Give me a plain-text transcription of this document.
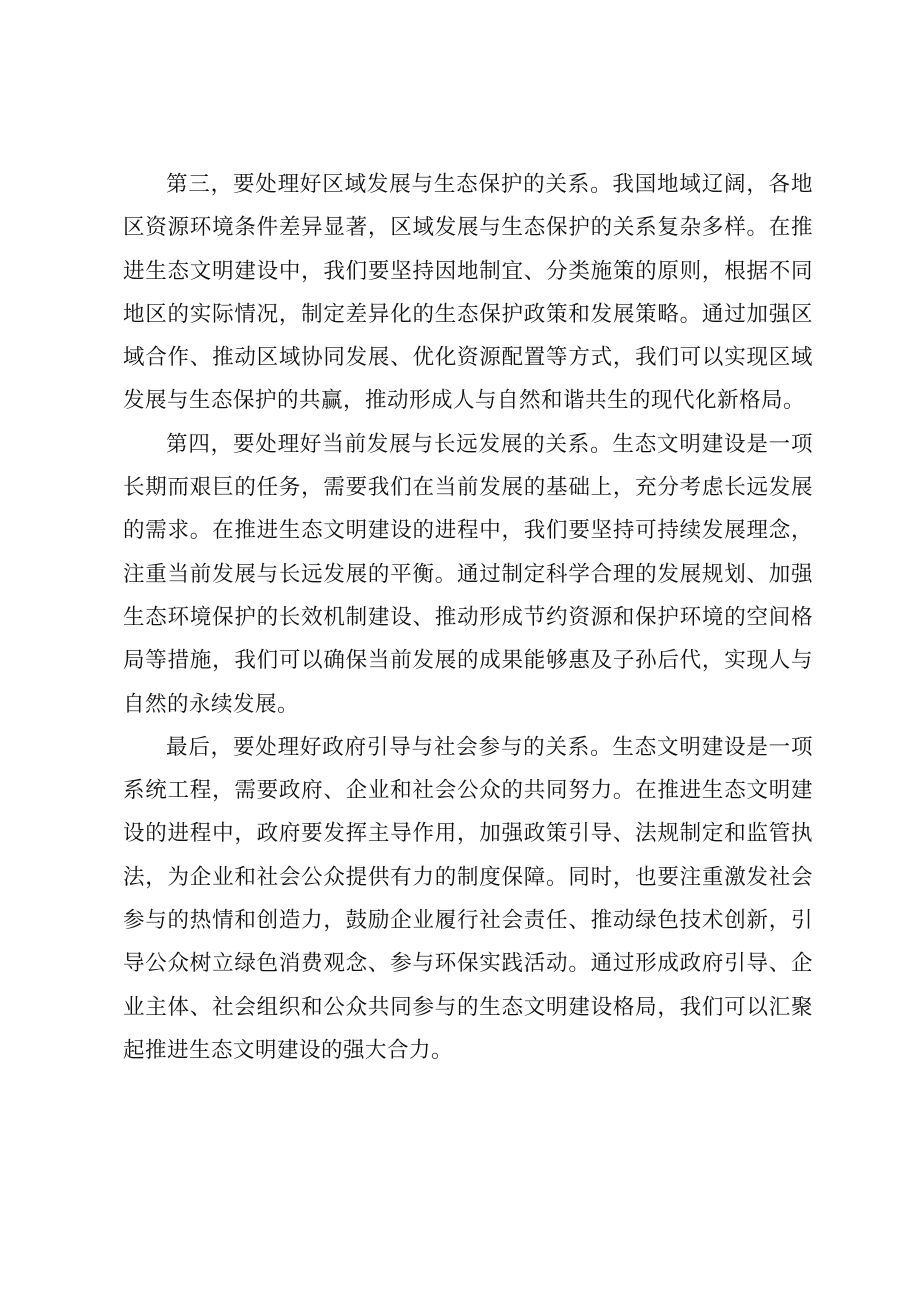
第三，要处理好区域发展与生态保护的关系。我国地域辽阔，各地区资源环境条件差异显著，区域发展与生态保护的关系复杂多样。在推进生态文明建设中，我们要坚持因地制宜、分类施策的原则，根据不同地区的实际情况，制定差异化的生态保护政策和发展策略。通过加强区域合作、推动区域协同发展、优化资源配置等方式，我们可以实现区域发展与生态保护的共赢，推动形成人与自然和谐共生的现代化新格局。

第四，要处理好当前发展与长远发展的关系。生态文明建设是一项长期而艰巨的任务，需要我们在当前发展的基础上，充分考虑长远发展的需求。在推进生态文明建设的进程中，我们要坚持可持续发展理念，注重当前发展与长远发展的平衡。通过制定科学合理的发展规划、加强生态环境保护的长效机制建设、推动形成节约资源和保护环境的空间格局等措施，我们可以确保当前发展的成果能够惠及子孙后代，实现人与自然的永续发展。

最后，要处理好政府引导与社会参与的关系。生态文明建设是一项系统工程，需要政府、企业和社会公众的共同努力。在推进生态文明建设的进程中，政府要发挥主导作用，加强政策引导、法规制定和监管执法，为企业和社会公众提供有力的制度保障。同时，也要注重激发社会参与的热情和创造力，鼓励企业履行社会责任、推动绿色技术创新，引导公众树立绿色消费观念、参与环保实践活动。通过形成政府引导、企业主体、社会组织和公众共同参与的生态文明建设格局，我们可以汇聚起推进生态文明建设的强大合力。
